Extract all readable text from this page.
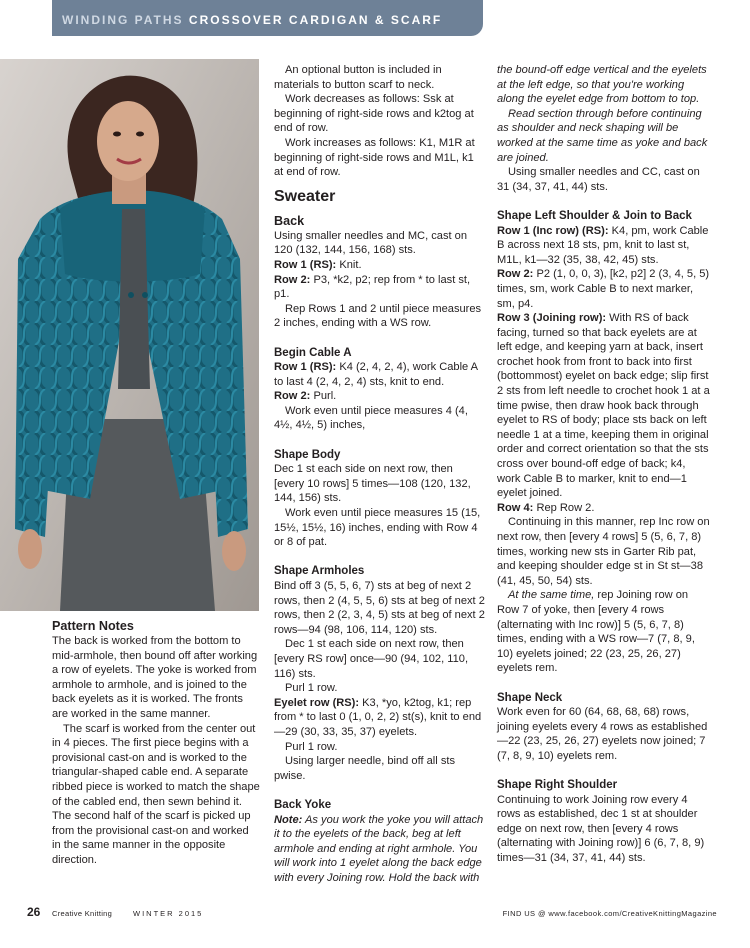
WINDING PATHS CROSSOVER CARDIGAN & SCARF
Pattern Notes

The back is worked from the bottom to mid-armhole, then bound off after working a row of eyelets. The yoke is worked from armhole to armhole, and is joined to the back eyelets as it is worked. The fronts are worked in the same manner.

The scarf is worked from the center out in 4 pieces. The first piece begins with a provisional cast-on and is worked to the triangular-shaped cable end. A separate ribbed piece is worked to match the shape of the cabled end, then sewn behind it. The second half of the scarf is picked up from the provisional cast-on and worked in the same manner in the opposite direction.

An optional button is included in materials to button scarf to neck.

Work decreases as follows: Ssk at beginning of right-side rows and k2tog at end of row.

Work increases as follows: K1, M1R at beginning of right-side rows and M1L, k1 at end of row.

Sweater
Back

Using smaller needles and MC, cast on 120 (132, 144, 156, 168) sts.

Row 1 (RS): Knit.

Row 2: P3, *k2, p2; rep from * to last st, p1.

Rep Rows 1 and 2 until piece measures 2 inches, ending with a WS row.

Begin Cable A

Row 1 (RS): K4 (2, 4, 2, 4), work Cable A to last 4 (2, 4, 2, 4) sts, knit to end.

Row 2: Purl.

Work even until piece measures 4 (4, 4½, 4½, 5) inches,

Shape Body

Dec 1 st each side on next row, then [every 10 rows] 5 times—108 (120, 132, 144, 156) sts.

Work even until piece measures 15 (15, 15½, 15½, 16) inches, ending with Row 4 or 8 of pat.

Shape Armholes

Bind off 3 (5, 5, 6, 7) sts at beg of next 2 rows, then 2 (4, 5, 5, 6) sts at beg of next 2 rows, then 2 (2, 3, 4, 5) sts at beg of next 2 rows—94 (98, 106, 114, 120) sts.

Dec 1 st each side on next row, then [every RS row] once—90 (94, 102, 110, 116) sts.

Purl 1 row.

Eyelet row (RS): K3, *yo, k2tog, k1; rep from * to last 0 (1, 0, 2, 2) st(s), knit to end—29 (30, 33, 35, 37) eyelets.

Purl 1 row.

Using larger needle, bind off all sts pwise.

Back Yoke

Note: As you work the yoke you will attach it to the eyelets of the back, beg at left armhole and ending at right armhole. You will work into 1 eyelet along the back edge with every Joining row. Hold the back with

the bound-off edge vertical and the eyelets at the left edge, so that you're working along the eyelet edge from bottom to top.

Read section through before continuing as shoulder and neck shaping will be worked at the same time as yoke and back are joined.

Using smaller needles and CC, cast on 31 (34, 37, 41, 44) sts.

Shape Left Shoulder & Join to Back

Row 1 (Inc row) (RS): K4, pm, work Cable B across next 18 sts, pm, knit to last st, M1L, k1—32 (35, 38, 42, 45) sts.

Row 2: P2 (1, 0, 0, 3), [k2, p2] 2 (3, 4, 5, 5) times, sm, work Cable B to next marker, sm, p4.

Row 3 (Joining row): With RS of back facing, turned so that back eyelets are at left edge, and keeping yarn at back, insert crochet hook from front to back into first (bottommost) eyelet on back edge; slip first 2 sts from left needle to crochet hook 1 at a time pwise, then draw hook back through eyelet to RS of body; place sts back on left needle 1 at a time, keeping them in original order and correct orientation so that the sts cross over bound-off edge of back; k4, work Cable B to marker, knit to end—1 eyelet joined.

Row 4: Rep Row 2.

Continuing in this manner, rep Inc row on next row, then [every 4 rows] 5 (5, 6, 7, 8) times, working new sts in Garter Rib pat, and keeping shoulder edge st in St st—38 (41, 45, 50, 54) sts.

At the same time, rep Joining row on Row 7 of yoke, then [every 4 rows (alternating with Inc row)] 5 (5, 6, 7, 8) times, ending with a WS row—7 (7, 8, 9, 10) eyelets joined; 22 (23, 25, 26, 27) eyelets rem.

Shape Neck

Work even for 60 (64, 68, 68, 68) rows, joining eyelets every 4 rows as established—22 (23, 25, 26, 27) eyelets now joined; 7 (7, 8, 9, 10) eyelets rem.

Shape Right Shoulder

Continuing to work Joining row every 4 rows as established, dec 1 st at shoulder edge on next row, then [every 4 rows (alternating with Joining row)] 6 (6, 7, 8, 9) times—31 (34, 37, 41, 44) sts.

26 Creative Knitting	WINTER 2015	FIND US @ www.facebook.com/CreativeKnittingMagazine
